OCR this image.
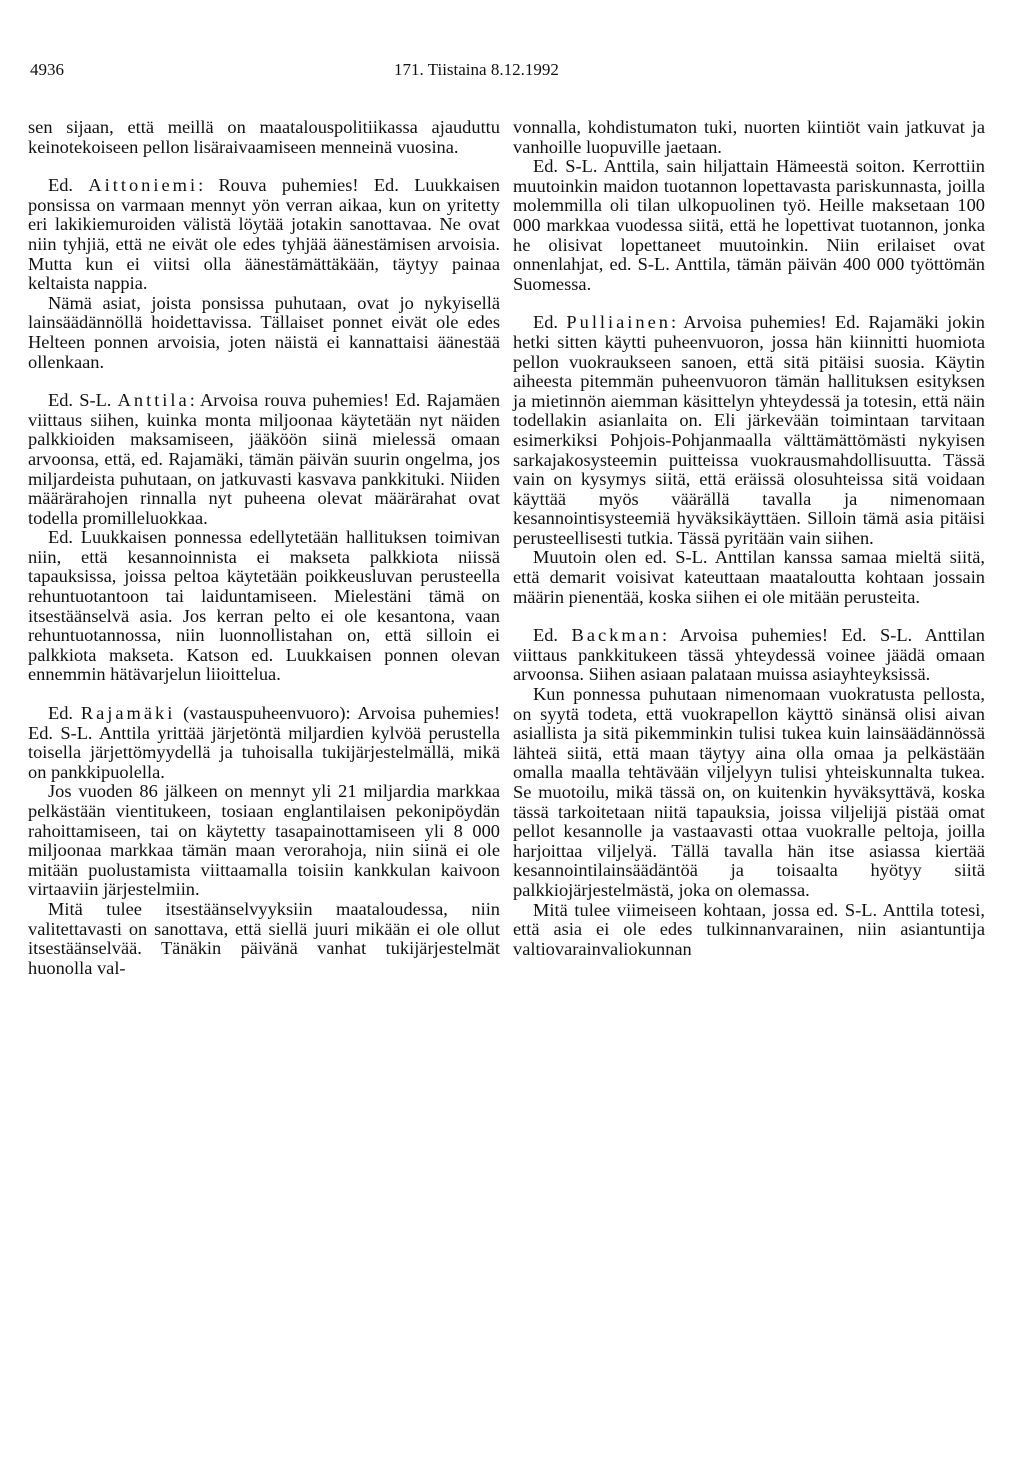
4936	171. Tiistaina 8.12.1992

sen sijaan, että meillä on maatalouspolitiikassa ajauduttu keinotekoiseen pellon lisäraivaamiseen menneinä vuosina.

Ed. Aittoniemi: Rouva puhemies! Ed. Luukkaisen ponsissa on varmaan mennyt yön verran aikaa, kun on yritetty eri lakikiemuroiden välistä löytää jotakin sanottavaa. Ne ovat niin tyhjiä, että ne eivät ole edes tyhjää äänestämisen arvoisia. Mutta kun ei viitsi olla äänestämättäkään, täytyy painaa keltaista nappia.

Nämä asiat, joista ponsissa puhutaan, ovat jo nykyisellä lainsäädännöllä hoidettavissa. Tällaiset ponnet eivät ole edes Helteen ponnen arvoisia, joten näistä ei kannattaisi äänestää ollenkaan.

Ed. S-L. Anttila: Arvoisa rouva puhemies! Ed. Rajamäen viittaus siihen, kuinka monta miljoonaa käytetään nyt näiden palkkioiden maksamiseen, jääköön siinä mielessä omaan arvoonsa, että, ed. Rajamäki, tämän päivän suurin ongelma, jos miljardeista puhutaan, on jatkuvasti kasvava pankkituki. Niiden määrärahojen rinnalla nyt puheena olevat määrärahat ovat todella promilleluokkaa.

Ed. Luukkaisen ponnessa edellytetään hallituksen toimivan niin, että kesannoinnista ei makseta palkkiota niissä tapauksissa, joissa peltoa käytetään poikkeusluvan perusteella rehuntuotantoon tai laiduntamiseen. Mielestäni tämä on itsestäänselvä asia. Jos kerran pelto ei ole kesantona, vaan rehuntuotannossa, niin luonnollistahan on, että silloin ei palkkiota makseta. Katson ed. Luukkaisen ponnen olevan ennemmin hätävarjelun liioittelua.

Ed. Rajamäki (vastauspuheenvuoro): Arvoisa puhemies! Ed. S-L. Anttila yrittää järjetöntä miljardien kylvöä perustella toisella järjettömyydellä ja tuhoisalla tukijärjestelmällä, mikä on pankkipuolella.

Jos vuoden 86 jälkeen on mennyt yli 21 miljardia markkaa pelkästään vientitukeen, tosiaan englantilaisen pekonipöydän rahoittamiseen, tai on käytetty tasapainottamiseen yli 8 000 miljoonaa markkaa tämän maan verorahoja, niin siinä ei ole mitään puolustamista viittaamalla toisiin kankkulan kaivoon virtaaviin järjestelmiin.

Mitä tulee itsestäänselvyyksiin maataloudessa, niin valitettavasti on sanottava, että siellä juuri mikään ei ole ollut itsestäänselvää. Tänäkin päivänä vanhat tukijärjestelmät huonolla val-

vonnalla, kohdistumaton tuki, nuorten kiintiöt vain jatkuvat ja vanhoille luopuville jaetaan.

Ed. S-L. Anttila, sain hiljattain Hämeestä soiton. Kerrottiin muutoinkin maidon tuotannon lopettavasta pariskunnasta, joilla molemmilla oli tilan ulkopuolinen työ. Heille maksetaan 100 000 markkaa vuodessa siitä, että he lopettivat tuotannon, jonka he olisivat lopettaneet muutoinkin. Niin erilaiset ovat onnenlahjat, ed. S-L. Anttila, tämän päivän 400 000 työttömän Suomessa.

Ed. Pulliainen: Arvoisa puhemies! Ed. Rajamäki jokin hetki sitten käytti puheenvuoron, jossa hän kiinnitti huomiota pellon vuokraukseen sanoen, että sitä pitäisi suosia. Käytin aiheesta pitemmän puheenvuoron tämän hallituksen esityksen ja mietinnön aiemman käsittelyn yhteydessä ja totesin, että näin todellakin asianlaita on. Eli järkevään toimintaan tarvitaan esimerkiksi Pohjois-Pohjanmaalla välttämättömästi nykyisen sarkajakosysteemin puitteissa vuokrausmahdollisuutta. Tässä vain on kysymys siitä, että eräissä olosuhteissa sitä voidaan käyttää myös väärällä tavalla ja nimenomaan kesannointisysteemiä hyväksikäyttäen. Silloin tämä asia pitäisi perusteellisesti tutkia. Tässä pyritään vain siihen.

Muutoin olen ed. S-L. Anttilan kanssa samaa mieltä siitä, että demarit voisivat kateuttaan maataloutta kohtaan jossain määrin pienentää, koska siihen ei ole mitään perusteita.

Ed. Backman: Arvoisa puhemies! Ed. S-L. Anttilan viittaus pankkitukeen tässä yhteydessä voinee jäädä omaan arvoonsa. Siihen asiaan palataan muissa asiayhteyksissä.

Kun ponnessa puhutaan nimenomaan vuokratusta pellosta, on syytä todeta, että vuokrapellon käyttö sinänsä olisi aivan asiallista ja sitä pikemminkin tulisi tukea kuin lainsäädännössä lähteä siitä, että maan täytyy aina olla omaa ja pelkästään omalla maalla tehtävään viljelyyn tulisi yhteiskunnalta tukea. Se muotoilu, mikä tässä on, on kuitenkin hyväksyttävä, koska tässä tarkoitetaan niitä tapauksia, joissa viljelijä pistää omat pellot kesannolle ja vastaavasti ottaa vuokralle peltoja, joilla harjoittaa viljelyä. Tällä tavalla hän itse asiassa kiertää kesannointilainsäädäntöä ja toisaalta hyötyy siitä palkkiojärjestelmästä, joka on olemassa.

Mitä tulee viimeiseen kohtaan, jossa ed. S-L. Anttila totesi, että asia ei ole edes tulkinnanvarainen, niin asiantuntija valtiovarainvaliokunnan
